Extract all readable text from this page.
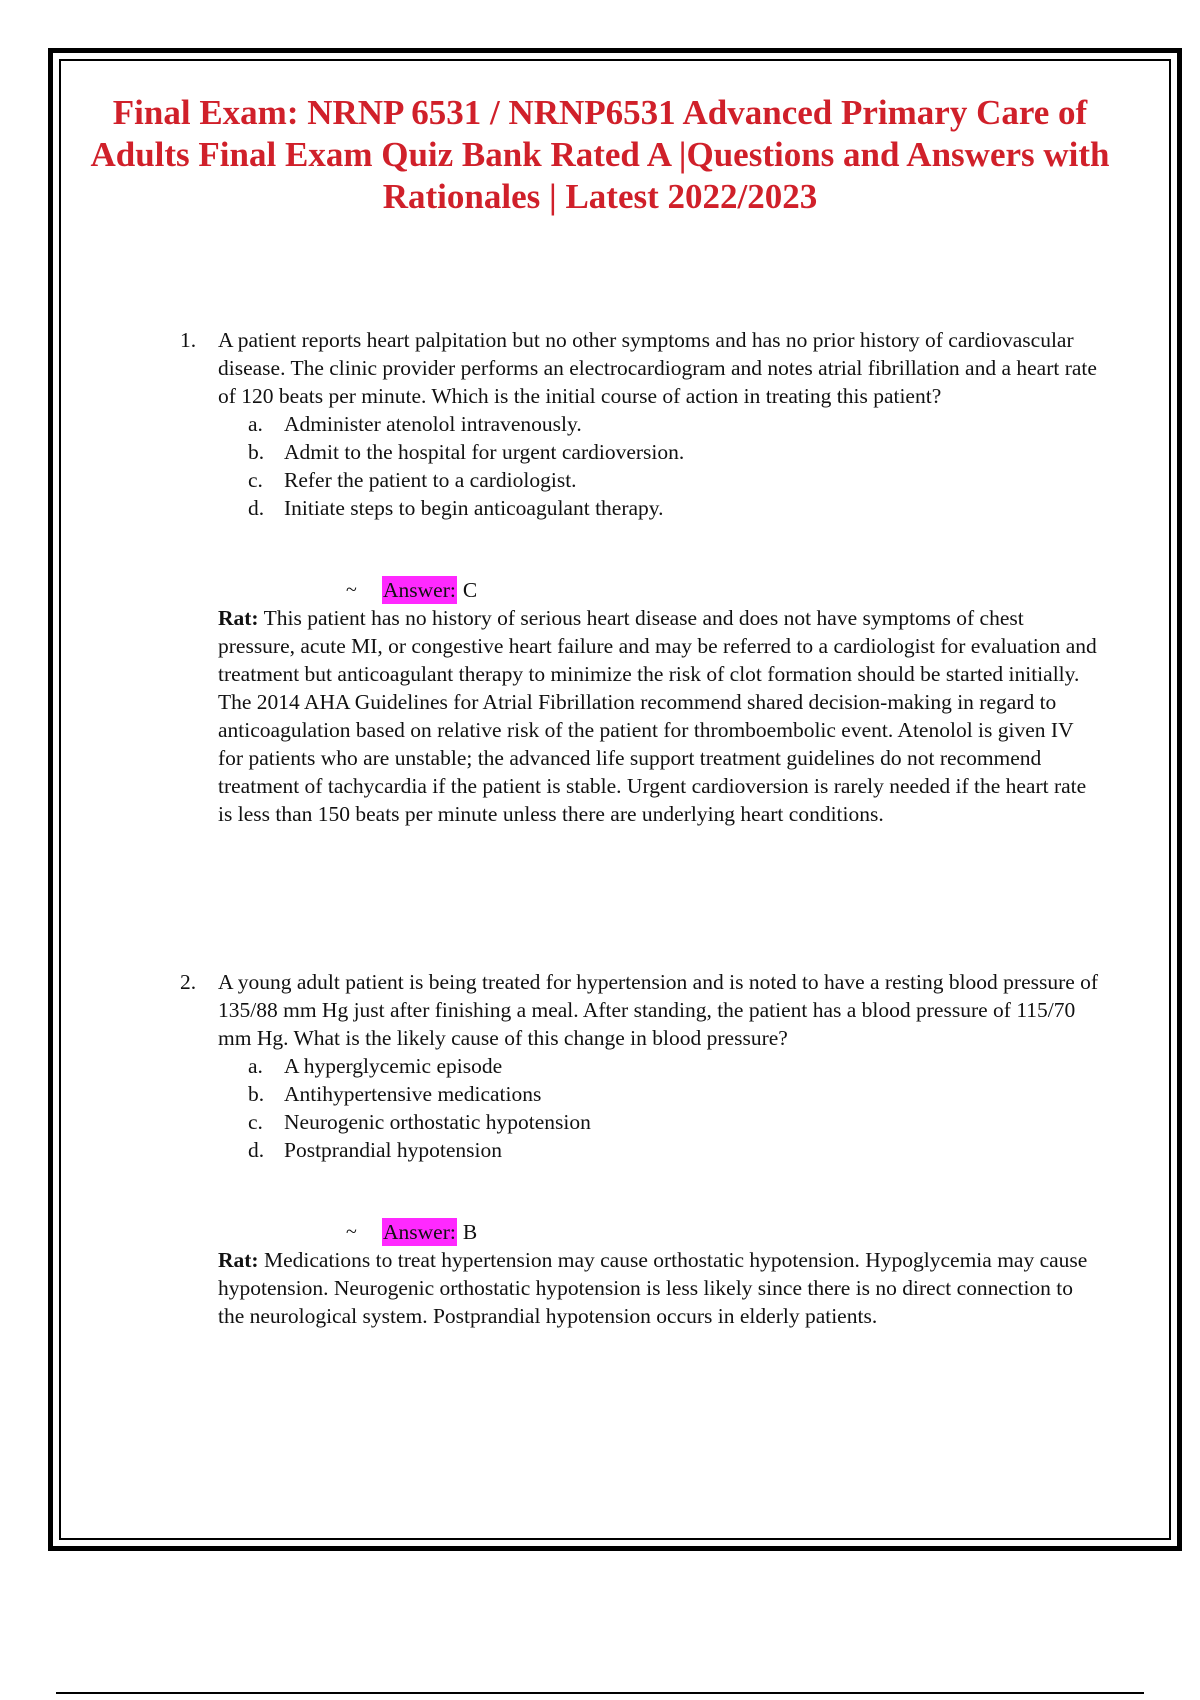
Final Exam: NRNP 6531 / NRNP6531 Advanced Primary Care of Adults Final Exam Quiz Bank Rated A |Questions and Answers with Rationales | Latest 2022/2023
1.	A patient reports heart palpitation but no other symptoms and has no prior history of cardiovascular disease. The clinic provider performs an electrocardiogram and notes atrial fibrillation and a heart rate of 120 beats per minute. Which is the initial course of action in treating this patient?
a. Administer atenolol intravenously.
b. Admit to the hospital for urgent cardioversion.
c. Refer the patient to a cardiologist.
d. Initiate steps to begin anticoagulant therapy.
~	Answer: C
Rat: This patient has no history of serious heart disease and does not have symptoms of chest pressure, acute MI, or congestive heart failure and may be referred to a cardiologist for evaluation and treatment but anticoagulant therapy to minimize the risk of clot formation should be started initially. The 2014 AHA Guidelines for Atrial Fibrillation recommend shared decision-making in regard to anticoagulation based on relative risk of the patient for thromboembolic event. Atenolol is given IV for patients who are unstable; the advanced life support treatment guidelines do not recommend treatment of tachycardia if the patient is stable. Urgent cardioversion is rarely needed if the heart rate is less than 150 beats per minute unless there are underlying heart conditions.
2.	A young adult patient is being treated for hypertension and is noted to have a resting blood pressure of 135/88 mm Hg just after finishing a meal. After standing, the patient has a blood pressure of 115/70 mm Hg. What is the likely cause of this change in blood pressure?
a. A hyperglycemic episode
b. Antihypertensive medications
c. Neurogenic orthostatic hypotension
d. Postprandial hypotension
~	Answer: B
Rat: Medications to treat hypertension may cause orthostatic hypotension. Hypoglycemia may cause hypotension. Neurogenic orthostatic hypotension is less likely since there is no direct connection to the neurological system. Postprandial hypotension occurs in elderly patients.
